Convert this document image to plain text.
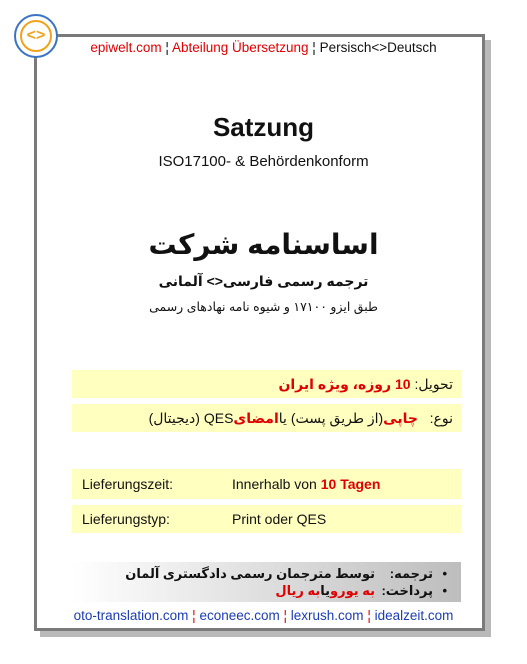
<>
epiwelt.com ¦ Abteilung Übersetzung ¦ Persisch<>Deutsch
Satzung
ISO17100- & Behördenkonform
اساسنامه شرکت
ترجمه رسمی فارسی<> آلمانی
طبق ایزو ۱۷۱۰۰ و شیوه نامه نهادهای رسمی
تحویل:

10 روزه
، ویژه ایران
نوع:

چاپی
(از طریق پست) یا
امضای
QES (دیجیتال)
Lieferungszeit:	Innerhalb von
10 Tagen
Lieferungstyp:	Print oder QES
•
ترجمه:
توسط مترجمان رسمی دادگستری آلمان
•
پرداخت:
به یورو
یا
به ریال
oto-translation.com ¦ econeec.com ¦ lexrush.com ¦ idealzeit.com
